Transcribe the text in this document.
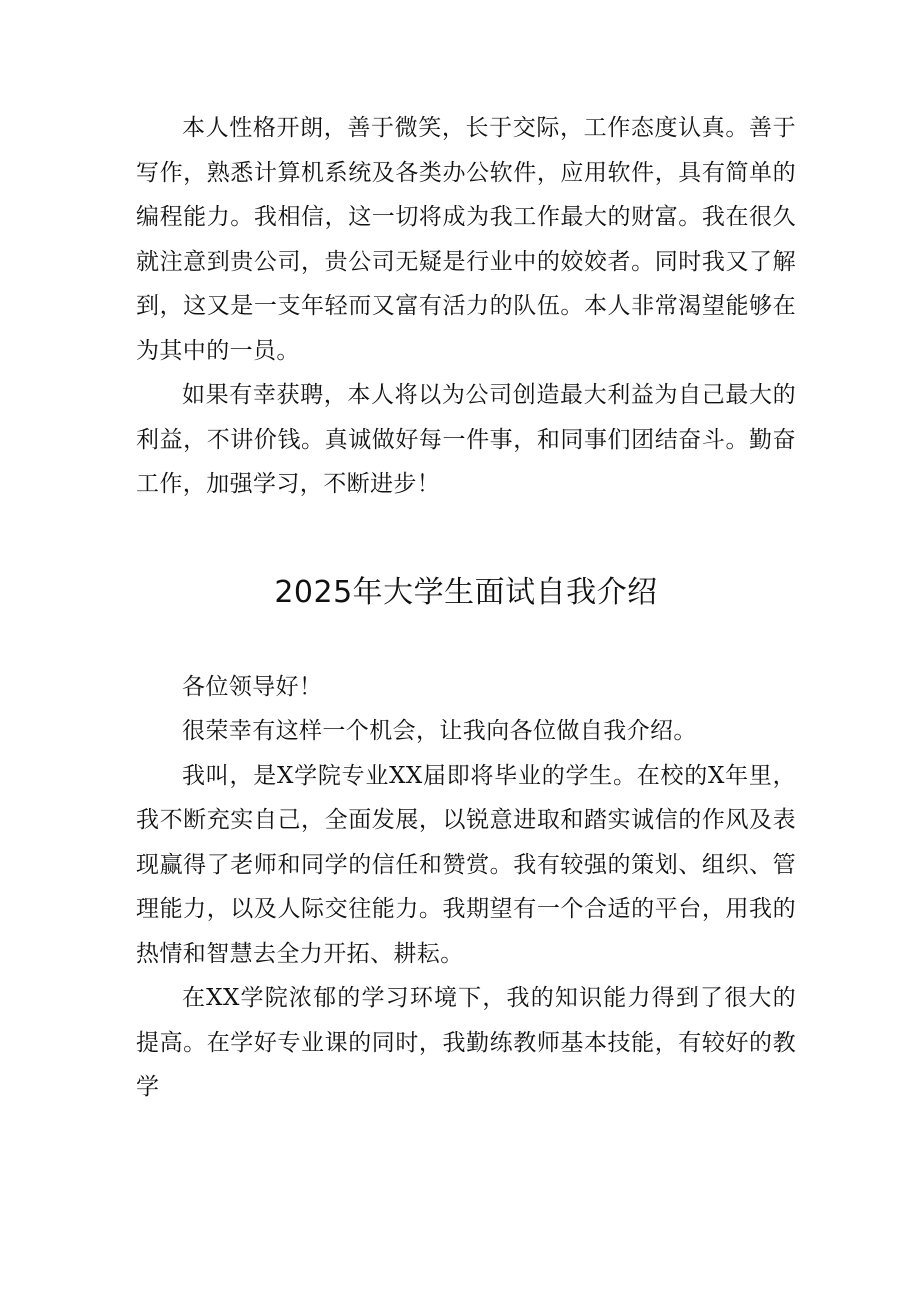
本人性格开朗，善于微笑，长于交际，工作态度认真。善于写作，熟悉计算机系统及各类办公软件，应用软件，具有简单的编程能力。我相信，这一切将成为我工作最大的财富。我在很久就注意到贵公司，贵公司无疑是行业中的姣姣者。同时我又了解到，这又是一支年轻而又富有活力的队伍。本人非常渴望能够在为其中的一员。

如果有幸获聘，本人将以为公司创造最大利益为自己最大的利益，不讲价钱。真诚做好每一件事，和同事们团结奋斗。勤奋工作，加强学习，不断进步！

2025年大学生面试自我介绍

各位领导好！

很荣幸有这样一个机会，让我向各位做自我介绍。

我叫，是X学院专业XX届即将毕业的学生。在校的X年里，我不断充实自己，全面发展，以锐意进取和踏实诚信的作风及表现赢得了老师和同学的信任和赞赏。我有较强的策划、组织、管理能力，以及人际交往能力。我期望有一个合适的平台，用我的热情和智慧去全力开拓、耕耘。

在XX学院浓郁的学习环境下，我的知识能力得到了很大的提高。在学好专业课的同时，我勤练教师基本技能，有较好的教学
